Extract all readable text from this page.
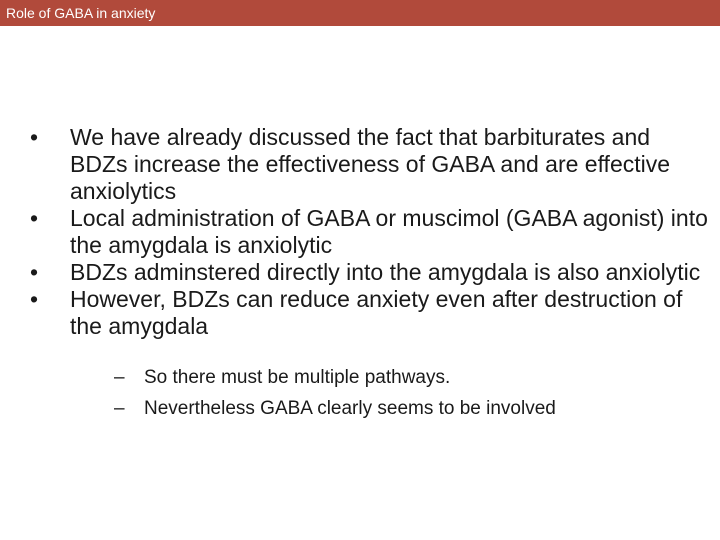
Role of GABA in anxiety
•	We have already discussed the fact that barbiturates and BDZs increase the effectiveness of GABA and are effective anxiolytics
•	Local administration of GABA or muscimol (GABA agonist) into the amygdala is anxiolytic
•	BDZs adminstered directly into the amygdala is also anxiolytic
•	However, BDZs can reduce anxiety even after destruction of the amygdala
–	So there must be multiple pathways.
–	Nevertheless GABA clearly seems to be involved
